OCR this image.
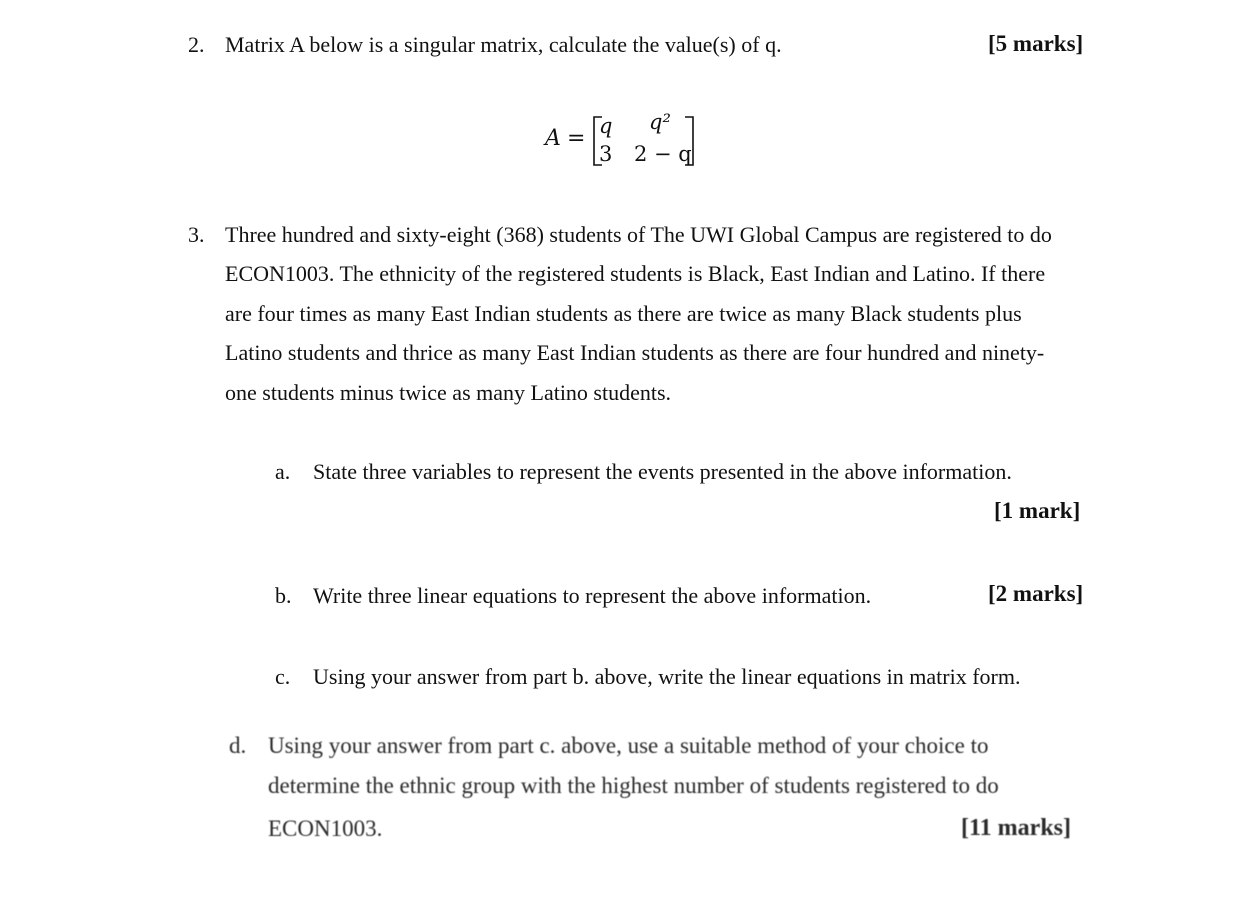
2. Matrix A below is a singular matrix, calculate the value(s) of q.	[5 marks]
A = q q²
3 2 − q
3. Three hundred and sixty-eight (368) students of The UWI Global Campus are registered to do
ECON1003. The ethnicity of the registered students is Black, East Indian and Latino. If there
are four times as many East Indian students as there are twice as many Black students plus
Latino students and thrice as many East Indian students as there are four hundred and ninety-
one students minus twice as many Latino students.
a. State three variables to represent the events presented in the above information.
[1 mark]
b. Write three linear equations to represent the above information.	[2 marks]
c. Using your answer from part b. above, write the linear equations in matrix form.
d. Using your answer from part c. above, use a suitable method of your choice to
determine the ethnic group with the highest number of students registered to do
ECON1003.	[11 marks]
